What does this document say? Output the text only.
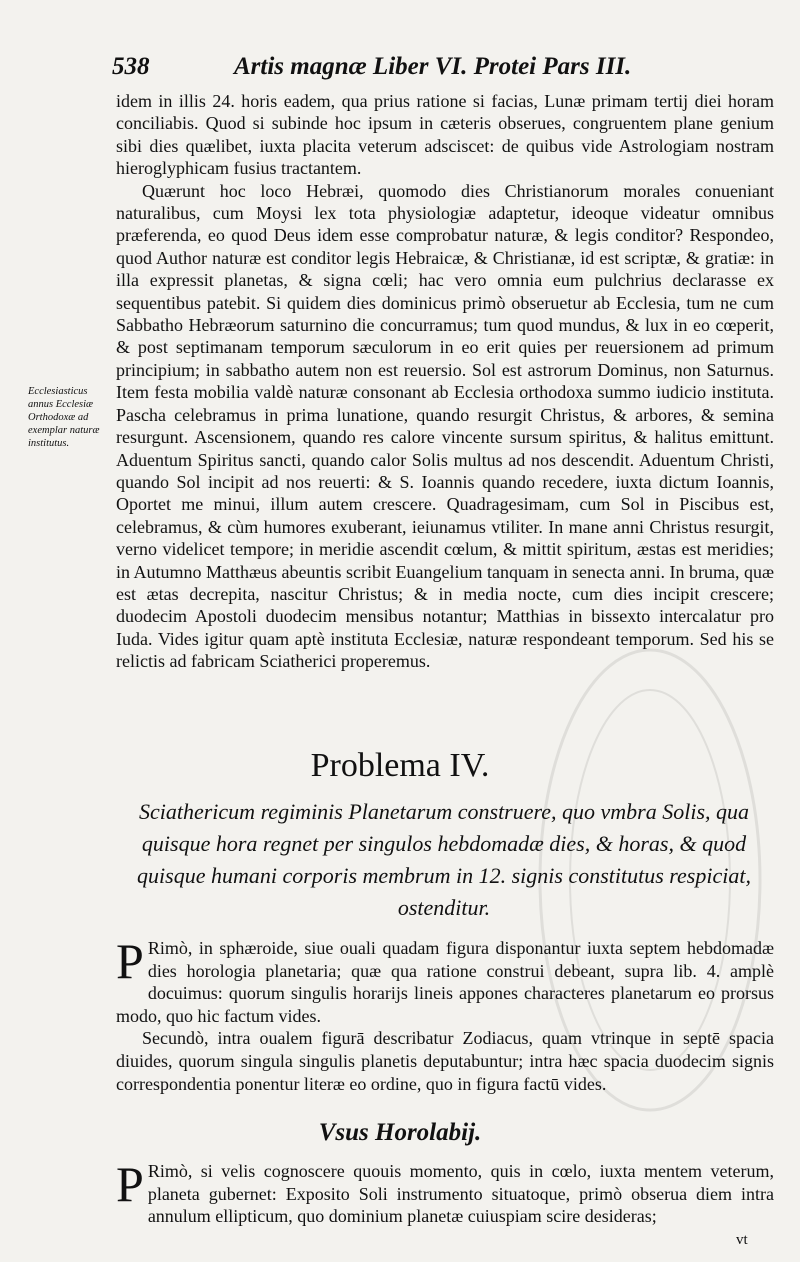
538	Artis magnæ Liber VI. Protei Pars III.
Ecclesiasticus annus Ecclesiæ Orthodoxæ ad exemplar naturæ institutus.

idem in illis 24. horis eadem, qua prius ratione si facias, Lunæ primam tertij diei horam conciliabis. Quod si subinde hoc ipsum in cæteris obserues, congruentem plane genium sibi dies quælibet, iuxta placita veterum adsciscet: de quibus vide Astrologiam nostram hieroglyphicam fusius tractantem.

Quærunt hoc loco Hebræi, quomodo dies Christianorum morales conueniant naturalibus, cum Moysi lex tota physiologiæ adaptetur, ideoque videatur omnibus præferenda, eo quod Deus idem esse comprobatur naturæ, & legis conditor? Respondeo, quod Author naturæ est conditor legis Hebraicæ, & Christianæ, id est scriptæ, & gratiæ: in illa expressit planetas, & signa cœli; hac vero omnia eum pulchrius declarasse ex sequentibus patebit. Si quidem dies dominicus primò obseruetur ab Ecclesia, tum ne cum Sabbatho Hebræorum saturnino die concurramus; tum quod mundus, & lux in eo cœperit, & post septimanam temporum sæculorum in eo erit quies per reuersionem ad primum principium; in sabbatho autem non est reuersio. Sol est astrorum Dominus, non Saturnus. Item festa mobilia valdè naturæ consonant ab Ecclesia orthodoxa summo iudicio instituta. Pascha celebramus in prima lunatione, quando resurgit Christus, & arbores, & semina resurgunt. Ascensionem, quando res calore vincente sursum spiritus, & halitus emittunt. Aduentum Spiritus sancti, quando calor Solis multus ad nos descendit. Aduentum Christi, quando Sol incipit ad nos reuerti: & S. Ioannis quando recedere, iuxta dictum Ioannis, Oportet me minui, illum autem crescere. Quadragesimam, cum Sol in Piscibus est, celebramus, & cùm humores exuberant, ieiunamus vtiliter. In mane anni Christus resurgit, verno videlicet tempore; in meridie ascendit cœlum, & mittit spiritum, æstas est meridies; in Autumno Matthæus abeuntis scribit Euangelium tanquam in senecta anni. In bruma, quæ est ætas decrepita, nascitur Christus; & in media nocte, cum dies incipit crescere; duodecim Apostoli duodecim mensibus notantur; Matthias in bissexto intercalatur pro Iuda. Vides igitur quam aptè instituta Ecclesiæ, naturæ respondeant temporum. Sed his se relictis ad fabricam Sciatherici properemus.

Problema IV.
Sciathericum regiminis Planetarum construere, quo vmbra Solis, qua quisque hora regnet per singulos hebdomadæ dies, & horas, & quod quisque humani corporis membrum in 12. signis constitutus respiciat, ostenditur.

P Rimò, in sphæroide, siue ouali quadam figura disponantur iuxta septem hebdomadæ dies horologia planetaria; quæ qua ratione construi debeant, supra lib. 4. amplè docuimus: quorum singulis horarijs lineis appones characteres planetarum eo prorsus modo, quo hic factum vides.

Secundò, intra oualem figurā describatur Zodiacus, quam vtrinque in septē spacia diuides, quorum singula singulis planetis deputabuntur; intra hæc spacia duodecim signis correspondentia ponentur literæ eo ordine, quo in figura factū vides.

Vsus Horolabij.

P Rimò, si velis cognoscere quouis momento, quis in cœlo, iuxta mentem veterum, planeta gubernet: Exposito Soli instrumento situatoque, primò obserua diem intra annulum ellipticum, quo dominium planetæ cuiuspiam scire desideras;

vt
